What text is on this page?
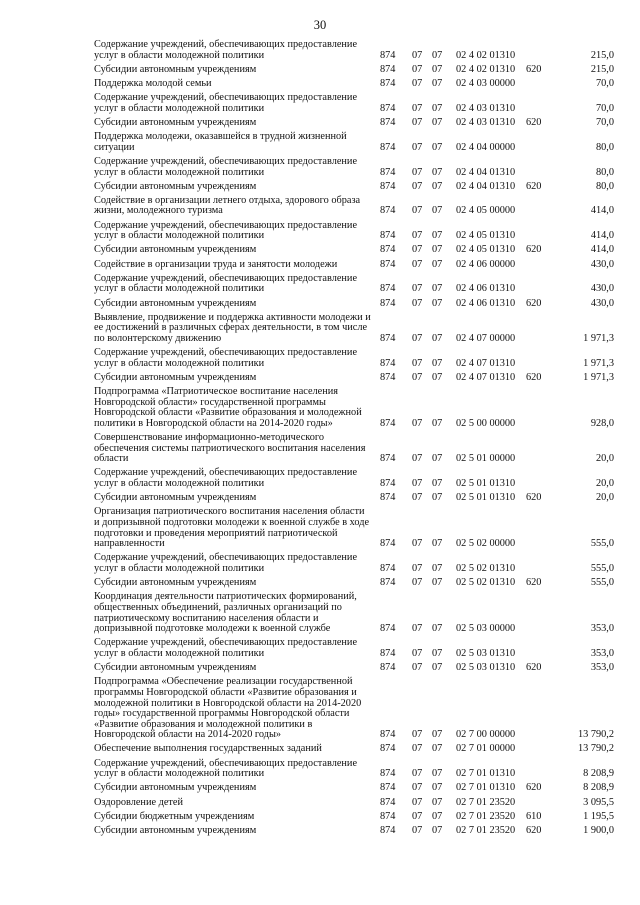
30
Содержание учреждений, обеспечивающих предоставление услуг в области молодежной политики	874 07 07 02 4 02 01310	215,0
Субсидии автономным учреждениям	874 07 07 02 4 02 01310 620	215,0
Поддержка молодой семьи	874 07 07 02 4 03 00000	70,0
Содержание учреждений, обеспечивающих предоставление услуг в области молодежной политики	874 07 07 02 4 03 01310	70,0
Субсидии автономным учреждениям	874 07 07 02 4 03 01310 620	70,0
Поддержка молодежи, оказавшейся в трудной жизненной ситуации	874 07 07 02 4 04 00000	80,0
Содержание учреждений, обеспечивающих предоставление услуг в области молодежной политики	874 07 07 02 4 04 01310	80,0
Субсидии автономным учреждениям	874 07 07 02 4 04 01310 620	80,0
Содействие в организации летнего отдыха, здорового образа жизни, молодежного туризма	874 07 07 02 4 05 00000	414,0
Содержание учреждений, обеспечивающих предоставление услуг в области молодежной политики	874 07 07 02 4 05 01310	414,0
Субсидии автономным учреждениям	874 07 07 02 4 05 01310 620	414,0
Содействие в организации труда и занятости молодежи	874 07 07 02 4 06 00000	430,0
Содержание учреждений, обеспечивающих предоставление услуг в области молодежной политики	874 07 07 02 4 06 01310	430,0
Субсидии автономным учреждениям	874 07 07 02 4 06 01310 620	430,0
Выявление, продвижение и поддержка активности молодежи и ее достижений в различных сферах деятельности, в том числе по волонтерскому движению	874 07 07 02 4 07 00000	1 971,3
Содержание учреждений, обеспечивающих предоставление услуг в области молодежной политики	874 07 07 02 4 07 01310	1 971,3
Субсидии автономным учреждениям	874 07 07 02 4 07 01310 620	1 971,3
Подпрограмма «Патриотическое воспитание населения Новгородской области» государственной программы Новгородской области «Развитие образования и молодежной политики в Новгородской области на 2014-2020 годы»	874 07 07 02 5 00 00000	928,0
Совершенствование информационно-методического обеспечения системы патриотического воспитания населения области	874 07 07 02 5 01 00000	20,0
Содержание учреждений, обеспечивающих предоставление услуг в области молодежной политики	874 07 07 02 5 01 01310	20,0
Субсидии автономным учреждениям	874 07 07 02 5 01 01310 620	20,0
Организация патриотического воспитания населения области и допризывной подготовки молодежи к военной службе в ходе подготовки и проведения мероприятий патриотической направленности	874 07 07 02 5 02 00000	555,0
Содержание учреждений, обеспечивающих предоставление услуг в области молодежной политики	874 07 07 02 5 02 01310	555,0
Субсидии автономным учреждениям	874 07 07 02 5 02 01310 620	555,0
Координация деятельности патриотических формирований, общественных объединений, различных организаций по патриотическому воспитанию населения области и допризывной подготовке молодежи к военной службе	874 07 07 02 5 03 00000	353,0
Содержание учреждений, обеспечивающих предоставление услуг в области молодежной политики	874 07 07 02 5 03 01310	353,0
Субсидии автономным учреждениям	874 07 07 02 5 03 01310 620	353,0
Подпрограмма «Обеспечение реализации государственной программы Новгородской области «Развитие образования и молодежной политики в Новгородской области на 2014-2020 годы» государственной программы Новгородской области «Развитие образования и молодежной политики в Новгородской области на 2014-2020 годы»	874 07 07 02 7 00 00000	13 790,2
Обеспечение выполнения государственных заданий	874 07 07 02 7 01 00000	13 790,2
Содержание учреждений, обеспечивающих предоставление услуг в области молодежной политики	874 07 07 02 7 01 01310	8 208,9
Субсидии автономным учреждениям	874 07 07 02 7 01 01310 620	8 208,9
Оздоровление детей	874 07 07 02 7 01 23520	3 095,5
Субсидии бюджетным учреждениям	874 07 07 02 7 01 23520 610	1 195,5
Субсидии автономным учреждениям	874 07 07 02 7 01 23520 620	1 900,0
